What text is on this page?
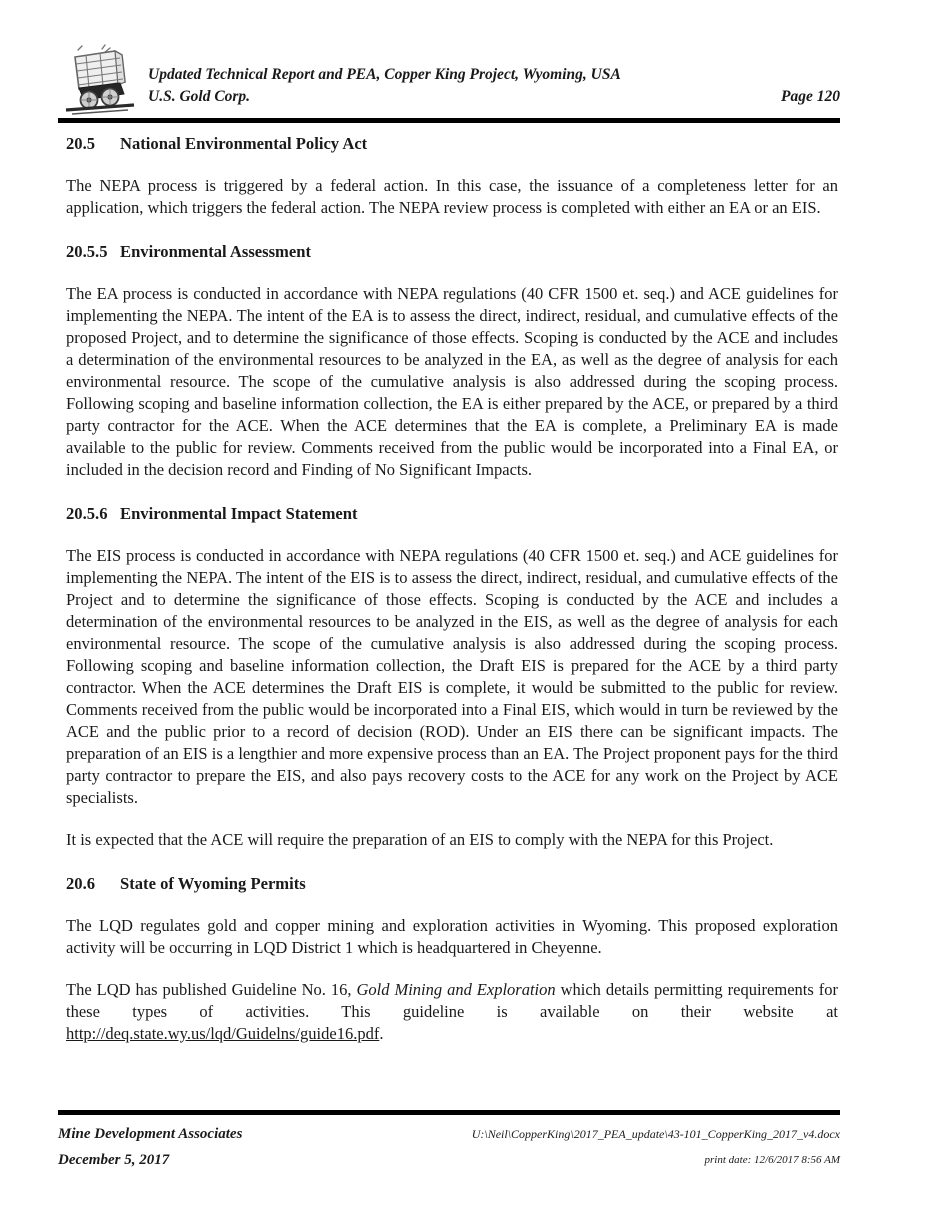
Updated Technical Report and PEA, Copper King Project, Wyoming, USA
U.S. Gold Corp.	Page 120
20.5 National Environmental Policy Act

The NEPA process is triggered by a federal action. In this case, the issuance of a completeness letter for an application, which triggers the federal action. The NEPA review process is completed with either an EA or an EIS.

20.5.5 Environmental Assessment

The EA process is conducted in accordance with NEPA regulations (40 CFR 1500 et. seq.) and ACE guidelines for implementing the NEPA. The intent of the EA is to assess the direct, indirect, residual, and cumulative effects of the proposed Project, and to determine the significance of those effects. Scoping is conducted by the ACE and includes a determination of the environmental resources to be analyzed in the EA, as well as the degree of analysis for each environmental resource. The scope of the cumulative analysis is also addressed during the scoping process. Following scoping and baseline information collection, the EA is either prepared by the ACE, or prepared by a third party contractor for the ACE. When the ACE determines that the EA is complete, a Preliminary EA is made available to the public for review. Comments received from the public would be incorporated into a Final EA, or included in the decision record and Finding of No Significant Impacts.

20.5.6 Environmental Impact Statement

The EIS process is conducted in accordance with NEPA regulations (40 CFR 1500 et. seq.) and ACE guidelines for implementing the NEPA. The intent of the EIS is to assess the direct, indirect, residual, and cumulative effects of the Project and to determine the significance of those effects. Scoping is conducted by the ACE and includes a determination of the environmental resources to be analyzed in the EIS, as well as the degree of analysis for each environmental resource. The scope of the cumulative analysis is also addressed during the scoping process. Following scoping and baseline information collection, the Draft EIS is prepared for the ACE by a third party contractor. When the ACE determines the Draft EIS is complete, it would be submitted to the public for review. Comments received from the public would be incorporated into a Final EIS, which would in turn be reviewed by the ACE and the public prior to a record of decision (ROD). Under an EIS there can be significant impacts. The preparation of an EIS is a lengthier and more expensive process than an EA. The Project proponent pays for the third party contractor to prepare the EIS, and also pays recovery costs to the ACE for any work on the Project by ACE specialists.

It is expected that the ACE will require the preparation of an EIS to comply with the NEPA for this Project.

20.6 State of Wyoming Permits

The LQD regulates gold and copper mining and exploration activities in Wyoming. This proposed exploration activity will be occurring in LQD District 1 which is headquartered in Cheyenne.

The LQD has published Guideline No. 16, Gold Mining and Exploration which details permitting requirements for these types of activities. This guideline is available on their website at http://deq.state.wy.us/lqd/Guidelns/guide16.pdf.

Mine Development Associates
December 5, 2017
U:\Neil\CopperKing\2017_PEA_update\43-101_CopperKing_2017_v4.docx
print date: 12/6/2017 8:56 AM
